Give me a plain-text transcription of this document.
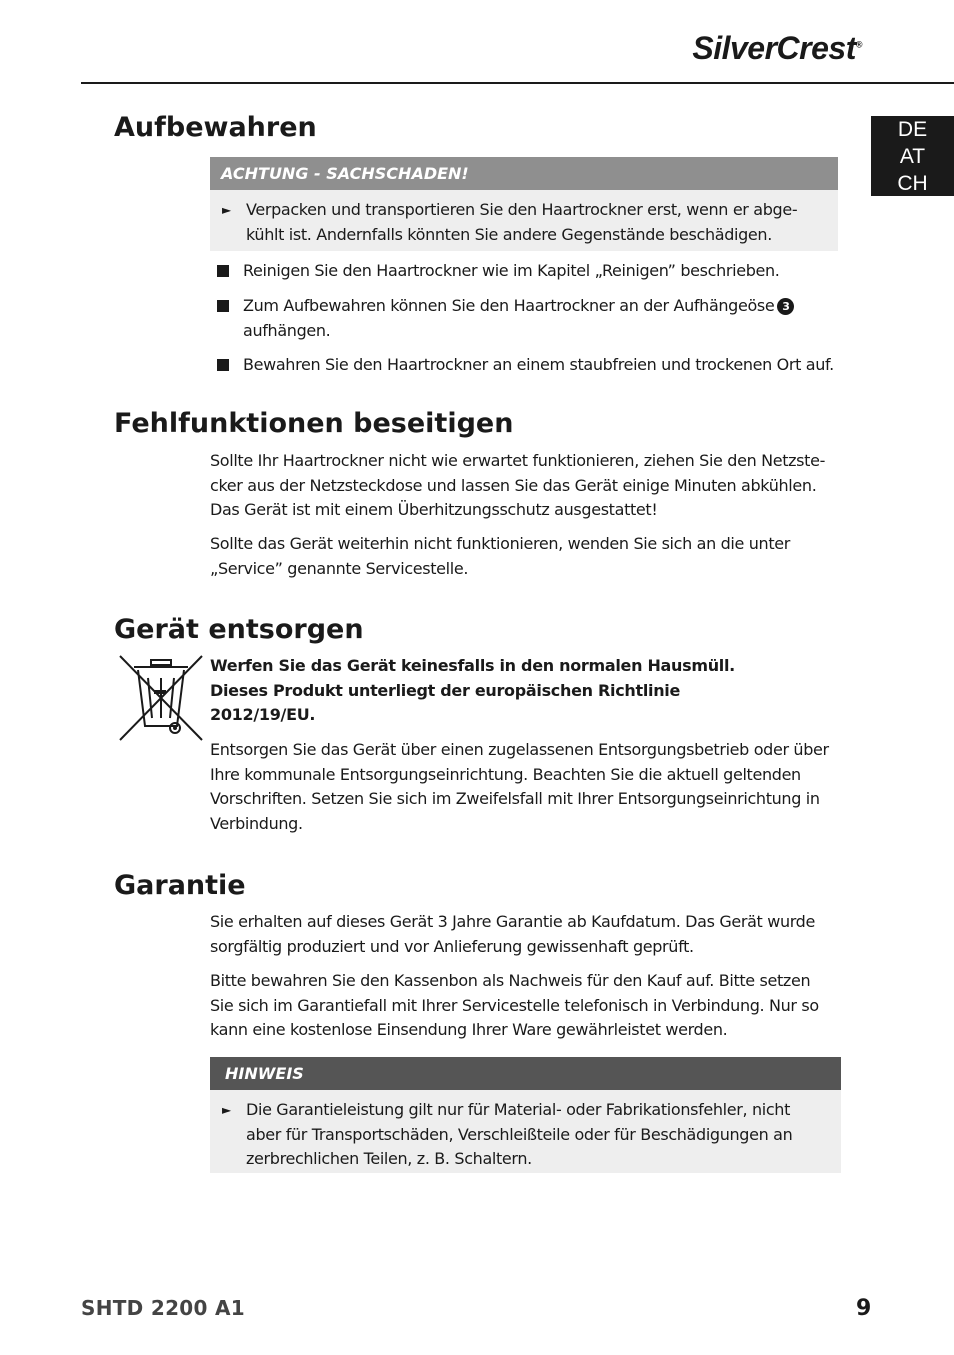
SilverCrest®
DE
AT
CH
Aufbewahren
ACHTUNG - SACHSCHADEN!
► Verpacken und transportieren Sie den Haartrockner erst, wenn er abge-
kühlt ist. Andernfalls könnten Sie andere Gegenstände beschädigen.
Reinigen Sie den Haartrockner wie im Kapitel „Reinigen” beschrieben.
Zum Aufbewahren können Sie den Haartrockner an der Aufhängeöse 3
aufhängen.
Bewahren Sie den Haartrockner an einem staubfreien und trockenen Ort auf.
Fehlfunktionen beseitigen
Sollte Ihr Haartrockner nicht wie erwartet funktionieren, ziehen Sie den Netzste-
cker aus der Netzsteckdose und lassen Sie das Gerät einige Minuten abkühlen.
Das Gerät ist mit einem Überhitzungsschutz ausgestattet!
Sollte das Gerät weiterhin nicht funktionieren, wenden Sie sich an die unter
„Service” genannte Servicestelle.
Gerät entsorgen
Werfen Sie das Gerät keinesfalls in den normalen Hausmüll.
Dieses Produkt unterliegt der europäischen Richtlinie
2012/19/EU.
Entsorgen Sie das Gerät über einen zugelassenen Entsorgungsbetrieb oder über
Ihre kommunale Entsorgungseinrichtung. Beachten Sie die aktuell geltenden
Vorschriften. Setzen Sie sich im Zweifelsfall mit Ihrer Entsorgungseinrichtung in
Verbindung.
Garantie
Sie erhalten auf dieses Gerät 3 Jahre Garantie ab Kaufdatum. Das Gerät wurde
sorgfältig produziert und vor Anlieferung gewissenhaft geprüft.
Bitte bewahren Sie den Kassenbon als Nachweis für den Kauf auf. Bitte setzen
Sie sich im Garantiefall mit Ihrer Servicestelle telefonisch in Verbindung. Nur so
kann eine kostenlose Einsendung Ihrer Ware gewährleistet werden.
HINWEIS
► Die Garantieleistung gilt nur für Material- oder Fabrikationsfehler, nicht
aber für Transportschäden, Verschleißteile oder für Beschädigungen an
zerbrechlichen Teilen, z. B. Schaltern.
SHTD 2200 A1	9
